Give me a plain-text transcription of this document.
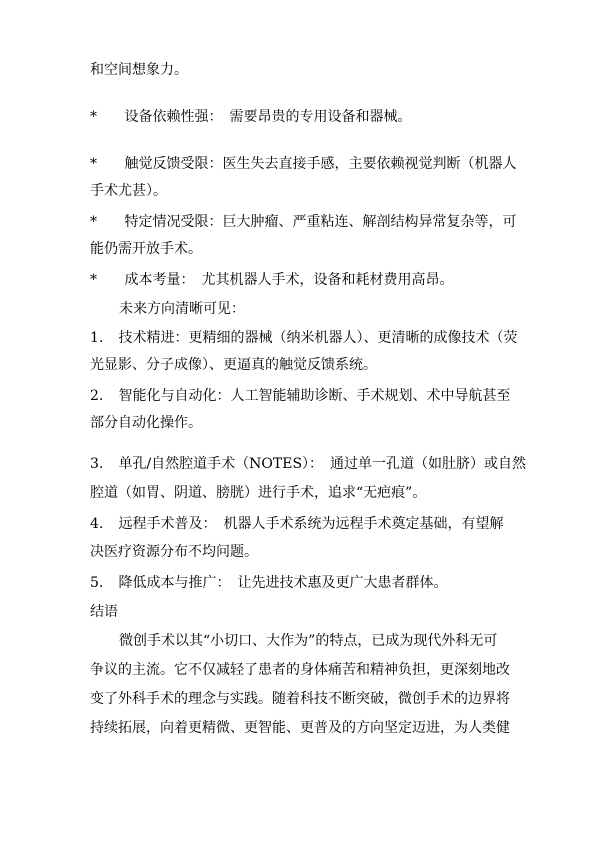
和空间想象力。
* 设备依赖性强：　需要昂贵的专用设备和器械。
* 触觉反馈受限：医生失去直接手感，主要依赖视觉判断（机器人
手术尤甚）。
* 特定情况受限：巨大肿瘤、严重粘连、解剖结构异常复杂等，可
能仍需开放手术。
* 成本考量：　尤其机器人手术，设备和耗材费用高昂。
未来方向清晰可见：
1. 技术精进：更精细的器械（纳米机器人）、更清晰的成像技术（荧
光显影、分子成像）、更逼真的触觉反馈系统。
2. 智能化与自动化：人工智能辅助诊断、手术规划、术中导航甚至
部分自动化操作。
3. 单孔/自然腔道手术（NOTES）：　通过单一孔道（如肚脐）或自然
腔道（如胃、阴道、膀胱）进行手术，追求“无疤痕”。
4. 远程手术普及：　机器人手术系统为远程手术奠定基础，有望解
决医疗资源分布不均问题。
5. 降低成本与推广：　让先进技术惠及更广大患者群体。
结语
微创手术以其“小切口、大作为”的特点，已成为现代外科无可
争议的主流。它不仅减轻了患者的身体痛苦和精神负担，更深刻地改
变了外科手术的理念与实践。随着科技不断突破，微创手术的边界将
持续拓展，向着更精微、更智能、更普及的方向坚定迈进，为人类健
